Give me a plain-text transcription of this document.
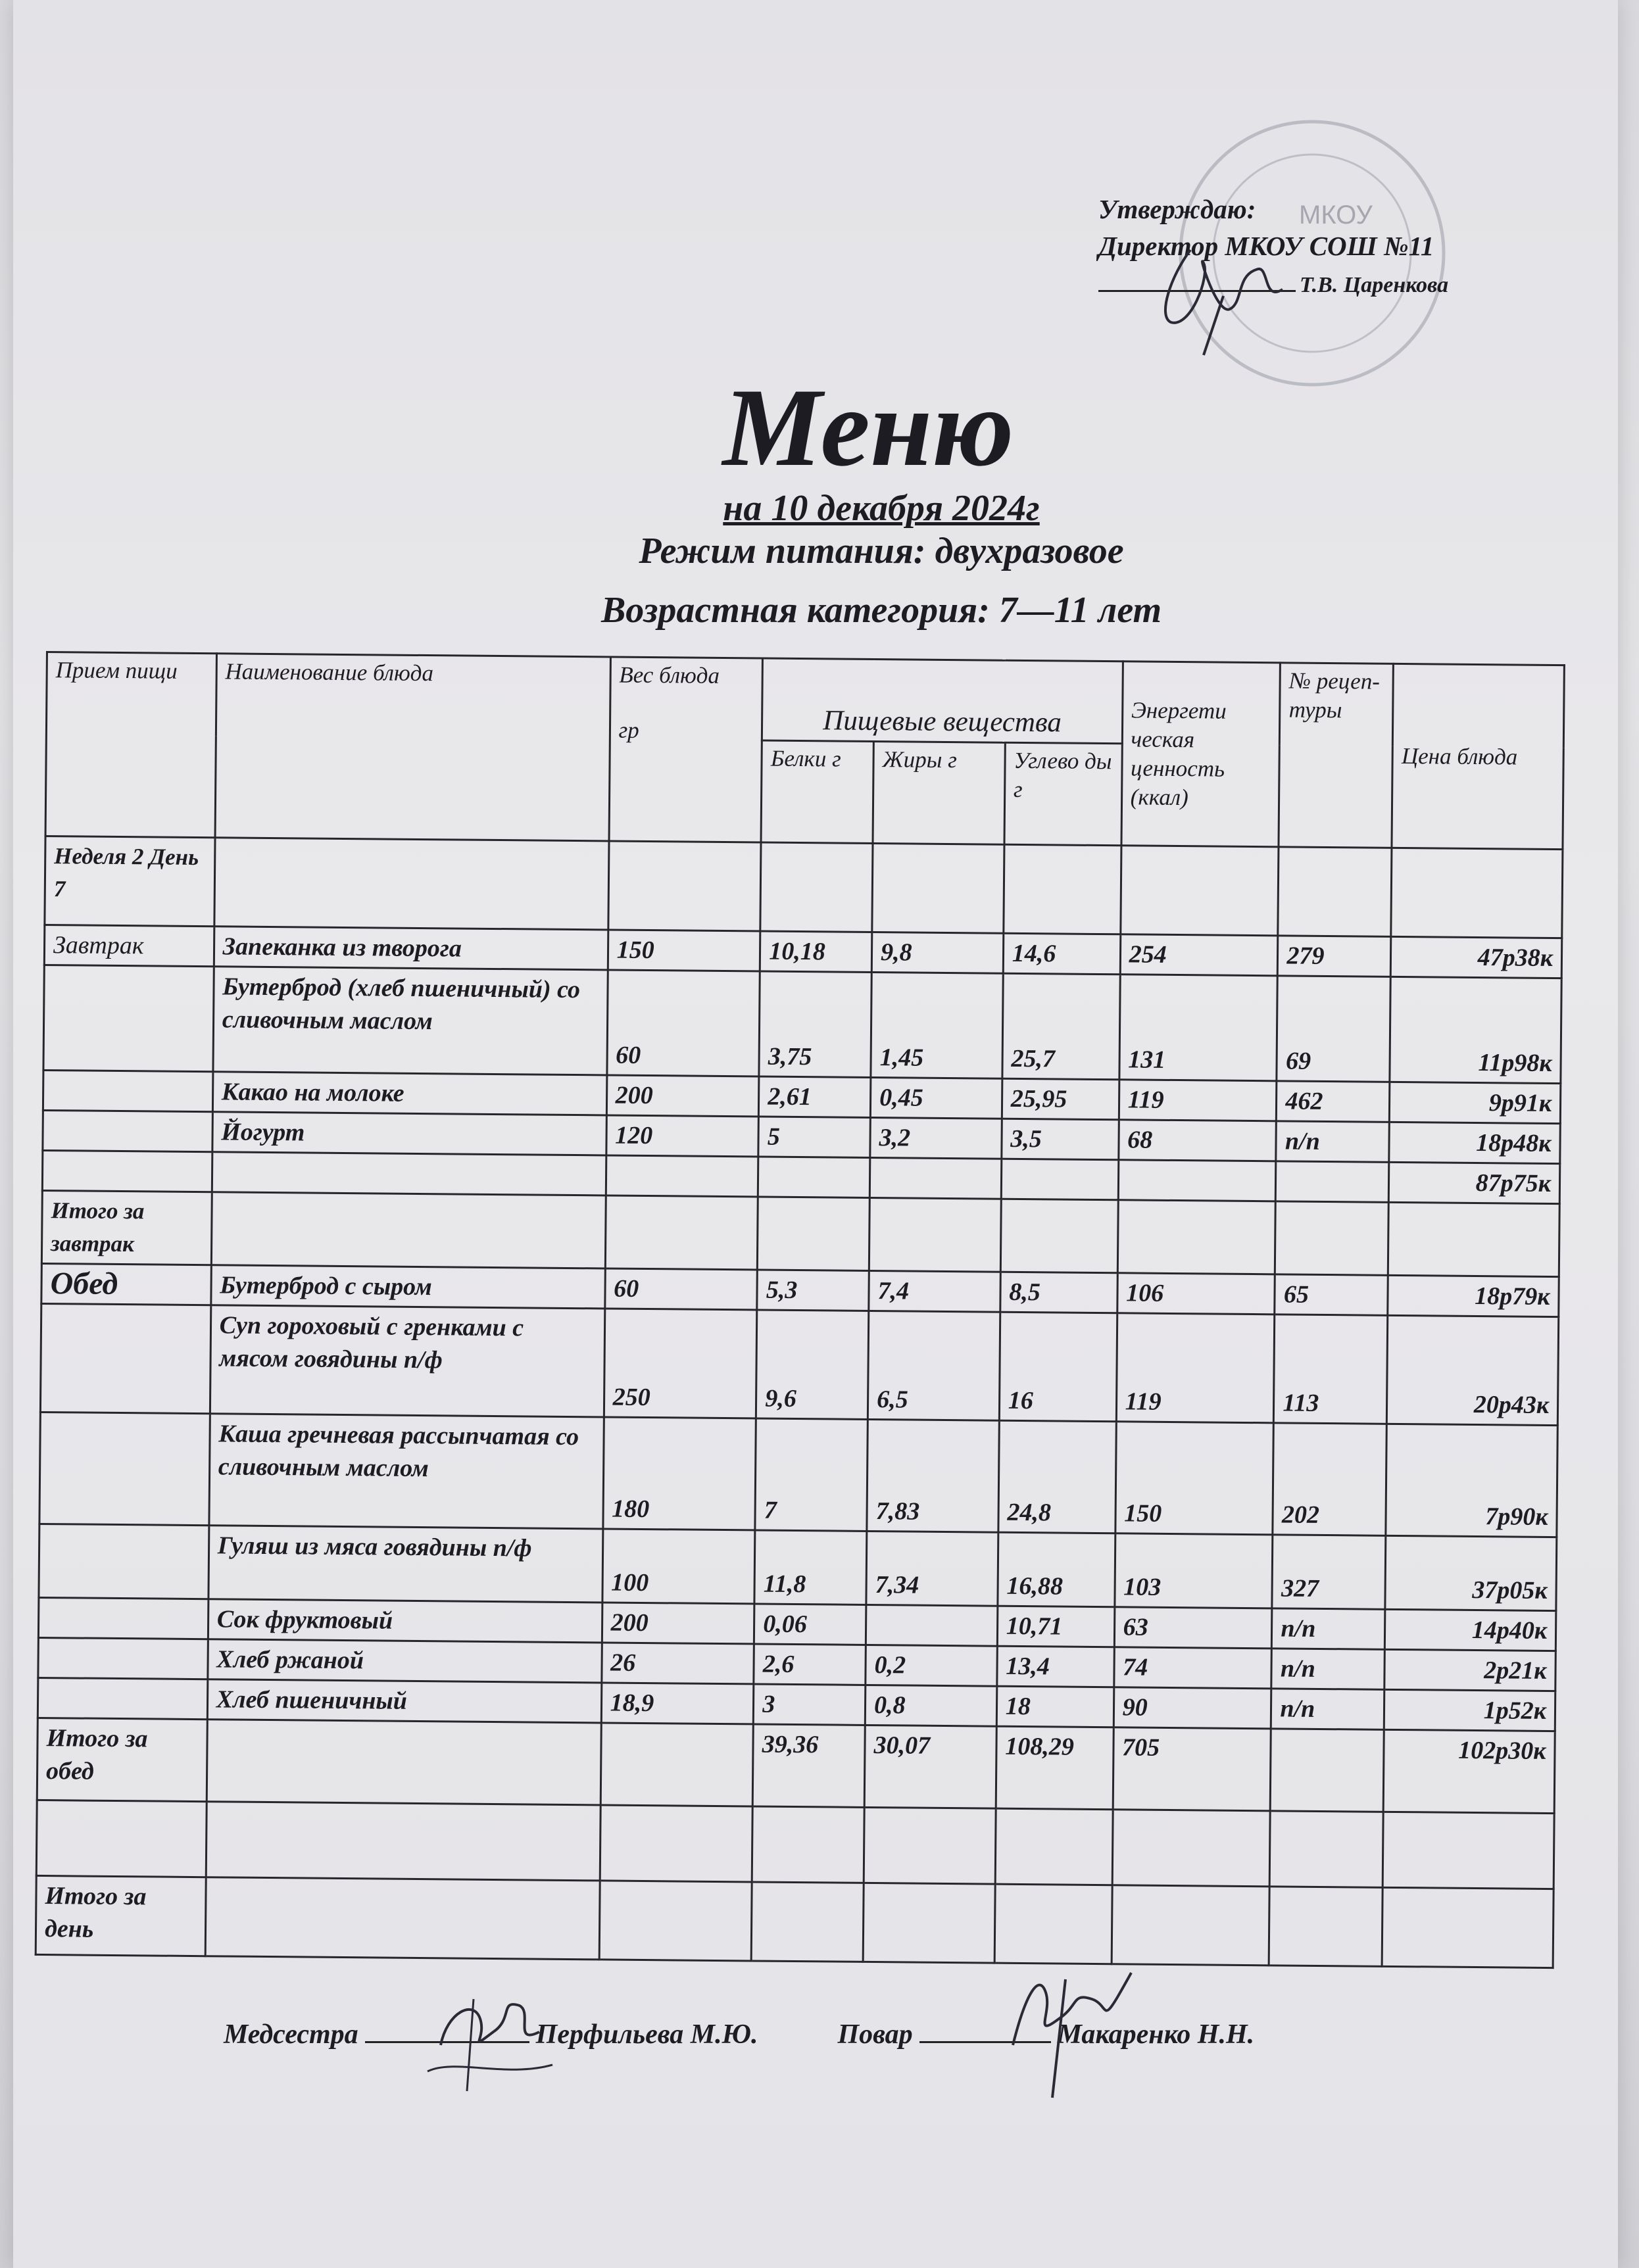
МКОУ
Утверждаю:
Директор МКОУ СОШ №11
Т.В. Царенкова
Меню
на 10 декабря 2024г
Режим питания: двухразовое
Возрастная категория: 7—11 лет
Прием пищи	Наименование блюда	Вес блюда
гр	Пищевые вещества			Энергети ческая ценность (ккал)	№ рецеп- туры	Цена блюда
			Белки г	Жиры г	Углево ды г			
Неделя 2 День 7								
Завтрак	Запеканка из творога	150	10,18	9,8	14,6	254	279	47р38к
	Бутерброд (хлеб пшеничный) со сливочным маслом	60	3,75	1,45	25,7	131	69	11р98к
	Какао на молоке	200	2,61	0,45	25,95	119	462	9р91к
	Йогурт	120	5	3,2	3,5	68	п/п	18р48к
								87р75к
Итого за завтрак								
Обед	Бутерброд с сыром	60	5,3	7,4	8,5	106	65	18р79к
	Суп гороховый с гренками с мясом говядины п/ф	250	9,6	6,5	16	119	113	20р43к
	Каша гречневая рассыпчатая со сливочным маслом	180	7	7,83	24,8	150	202	7р90к
	Гуляш из мяса говядины п/ф	100	11,8	7,34	16,88	103	327	37р05к
	Сок фруктовый	200	0,06		10,71	63	п/п	14р40к
	Хлеб ржаной	26	2,6	0,2	13,4	74	п/п	2р21к
	Хлеб пшеничный	18,9	3	0,8	18	90	п/п	1р52к
Итого за обед			39,36	30,07	108,29	705		102р30к

Итого за день								
Медсестра	Перфильева М.Ю.	Повар	Макаренко Н.Н.
